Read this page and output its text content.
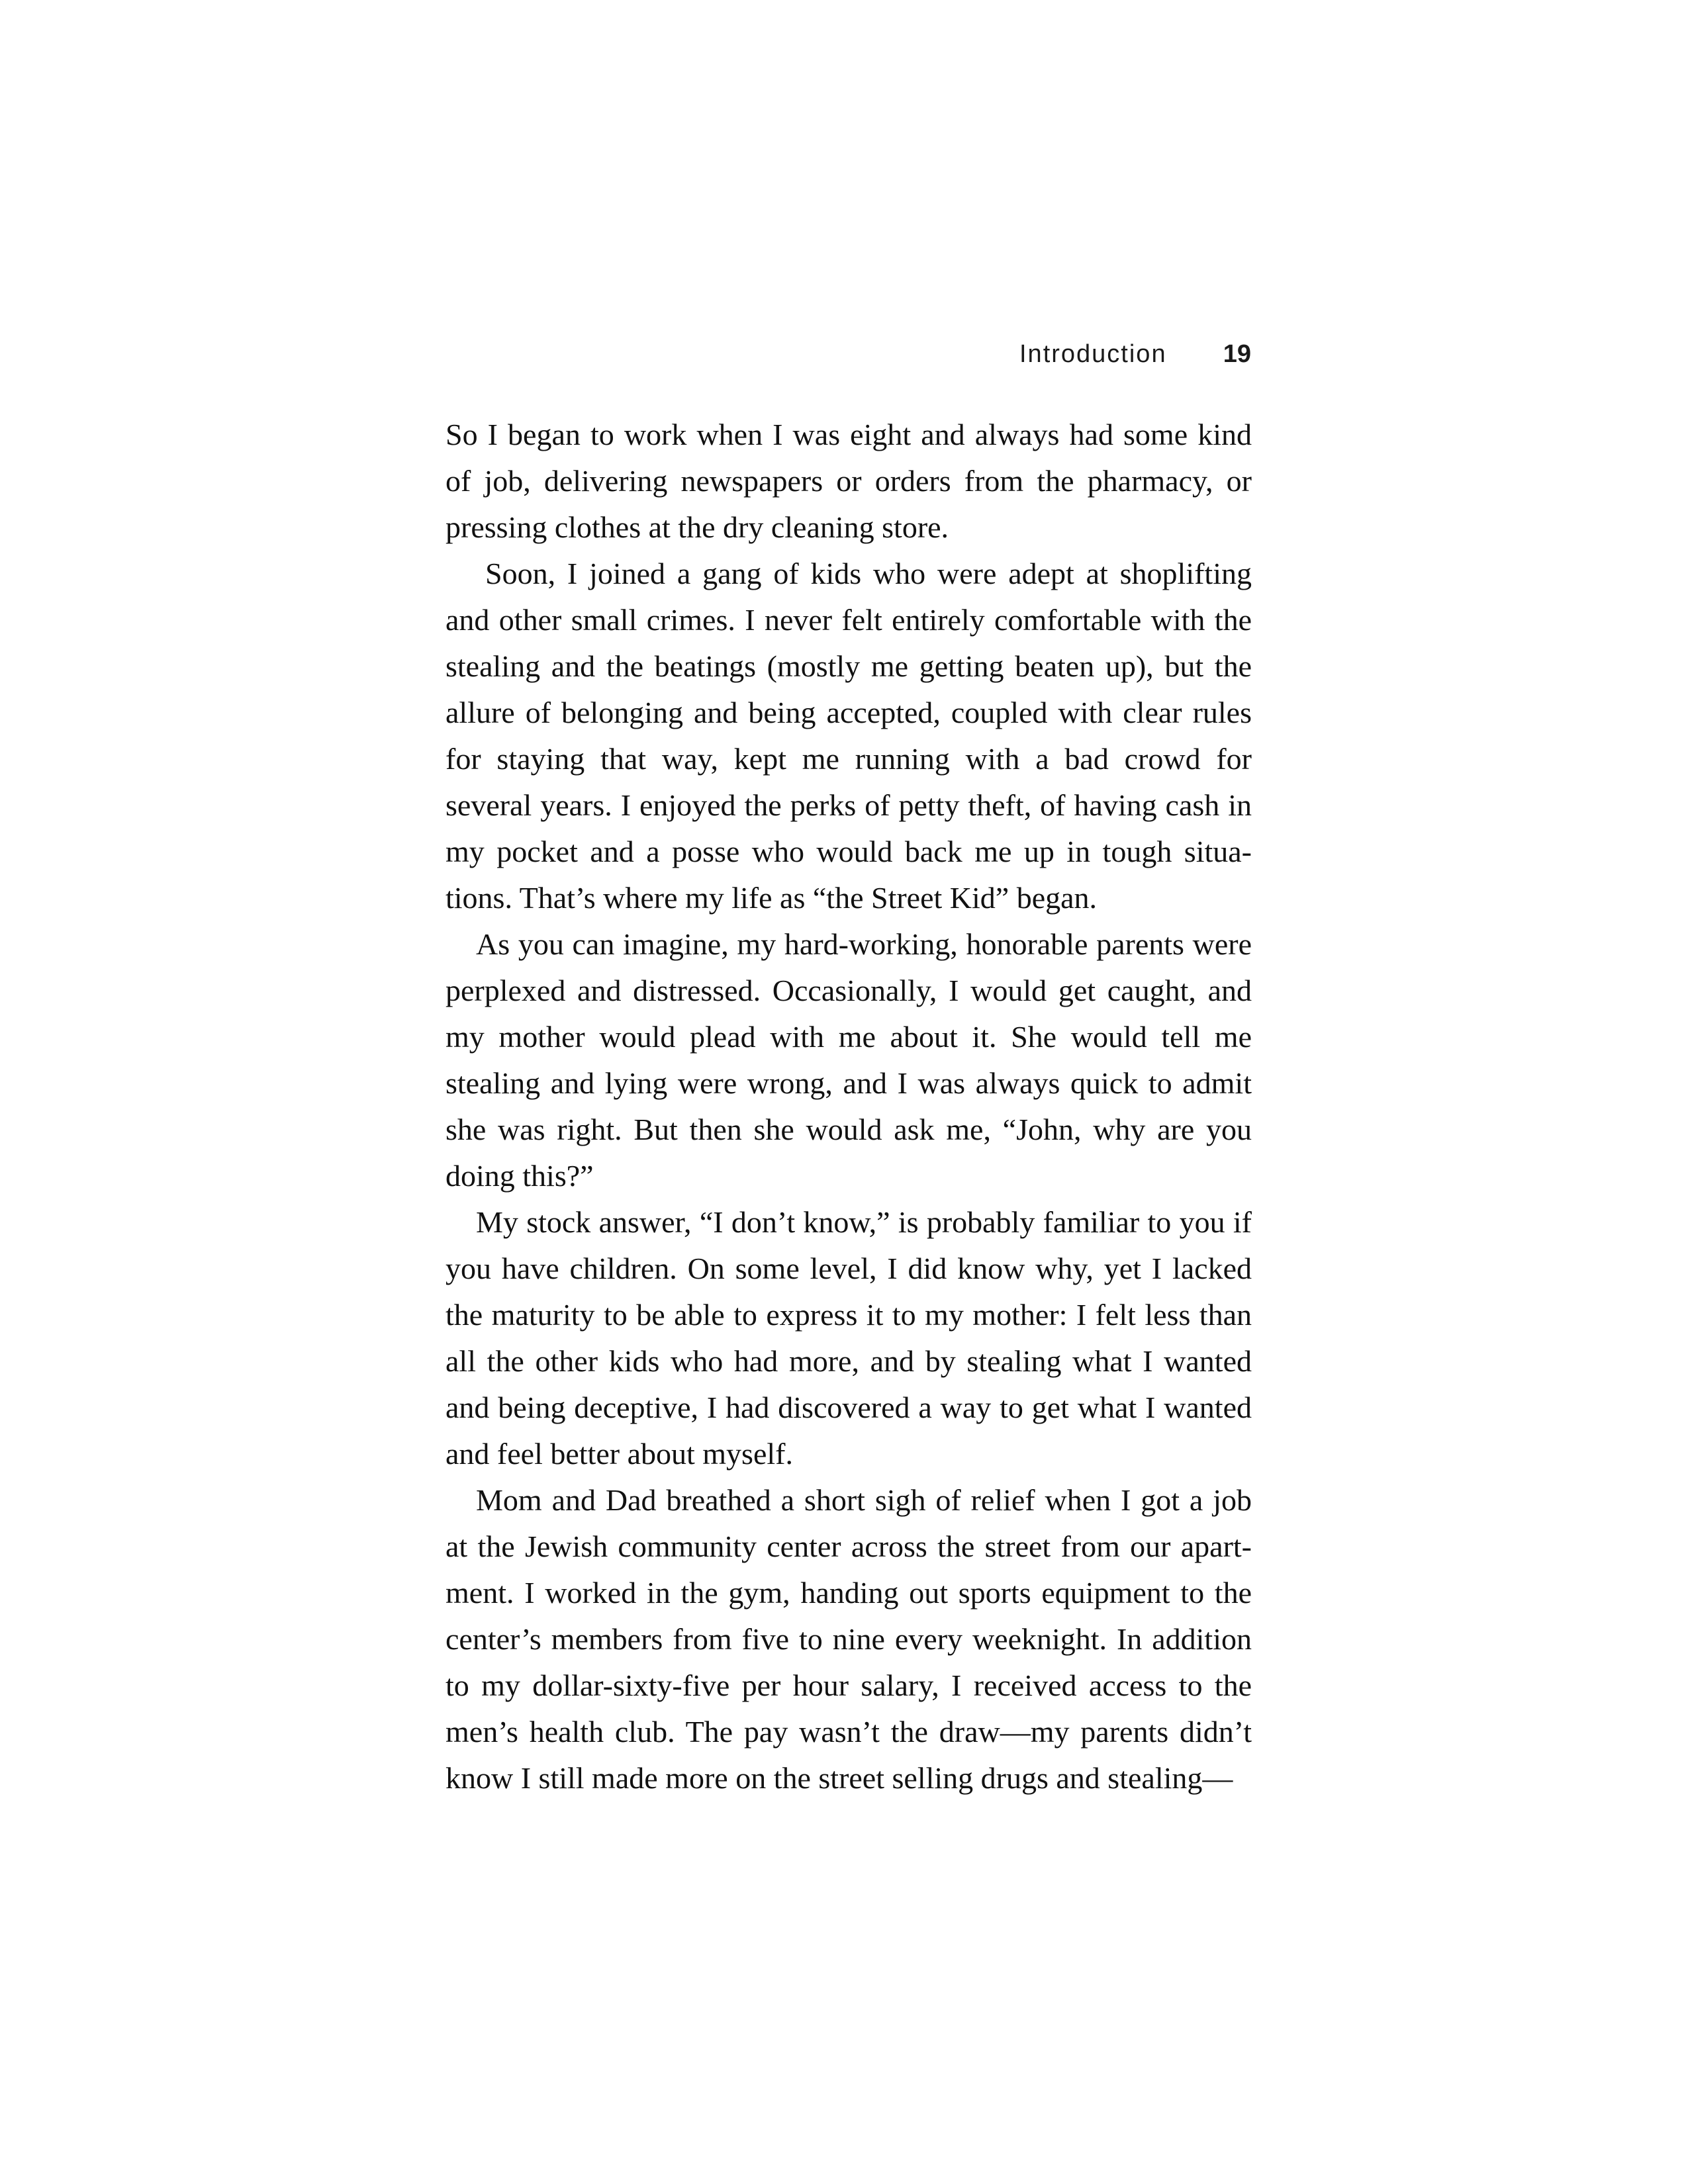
Introduction 19

So I began to work when I was eight and always had some kind of job, delivering newspapers or orders from the pharmacy, or pressing clothes at the dry cleaning store.

Soon, I joined a gang of kids who were adept at shoplifting and other small crimes. I never felt entirely comfortable with the stealing and the beatings (mostly me getting beaten up), but the allure of belonging and being accepted, coupled with clear rules for staying that way, kept me running with a bad crowd for several years. I enjoyed the perks of petty theft, of having cash in my pocket and a posse who would back me up in tough situations. That’s where my life as “the Street Kid” began.

As you can imagine, my hard-working, honorable parents were perplexed and distressed. Occasionally, I would get caught, and my mother would plead with me about it. She would tell me stealing and lying were wrong, and I was always quick to admit she was right. But then she would ask me, “John, why are you doing this?”

My stock answer, “I don’t know,” is probably familiar to you if you have children. On some level, I did know why, yet I lacked the maturity to be able to express it to my mother: I felt less than all the other kids who had more, and by stealing what I wanted and being deceptive, I had discovered a way to get what I wanted and feel better about myself.

Mom and Dad breathed a short sigh of relief when I got a job at the Jewish community center across the street from our apartment. I worked in the gym, handing out sports equipment to the center’s members from five to nine every weeknight. In addition to my dollar-sixty-five per hour salary, I received access to the men’s health club. The pay wasn’t the draw—my parents didn’t know I still made more on the street selling drugs and stealing—
